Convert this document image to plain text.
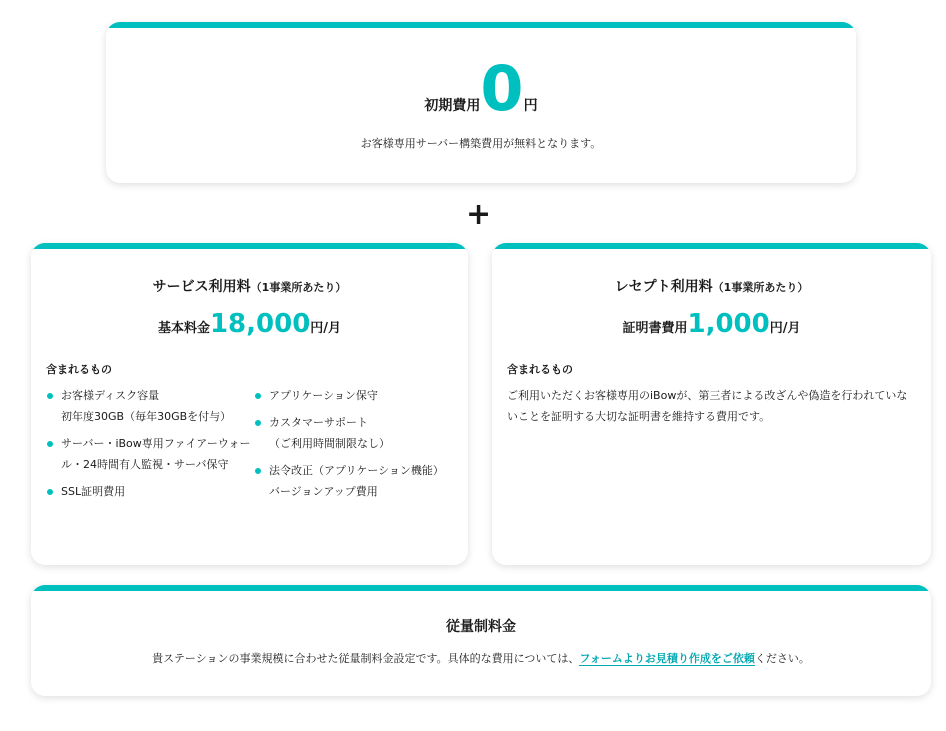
初期費用0円
お客様専用サーバー構築費用が無料となります。
+
サービス利用料（1事業所あたり）
基本料金18,000円/月
含まれるもの
お客様ディスク容量
初年度30GB（毎年30GBを付与）
サーバー・iBow専用ファイアーウォール・24時間有人監視・サーバ保守
SSL証明費用
アプリケーション保守
カスタマーサポート
（ご利用時間制限なし）
法令改正（アプリケーション機能）バージョンアップ費用
レセプト利用料（1事業所あたり）
証明書費用1,000円/月
含まれるもの
ご利用いただくお客様専用のiBowが、第三者による改ざんや偽造を行われていないことを証明する大切な証明書を維持する費用です。
従量制料金
貴ステーションの事業規模に合わせた従量制料金設定です。具体的な費用については、フォームよりお見積り作成をご依頼ください。
